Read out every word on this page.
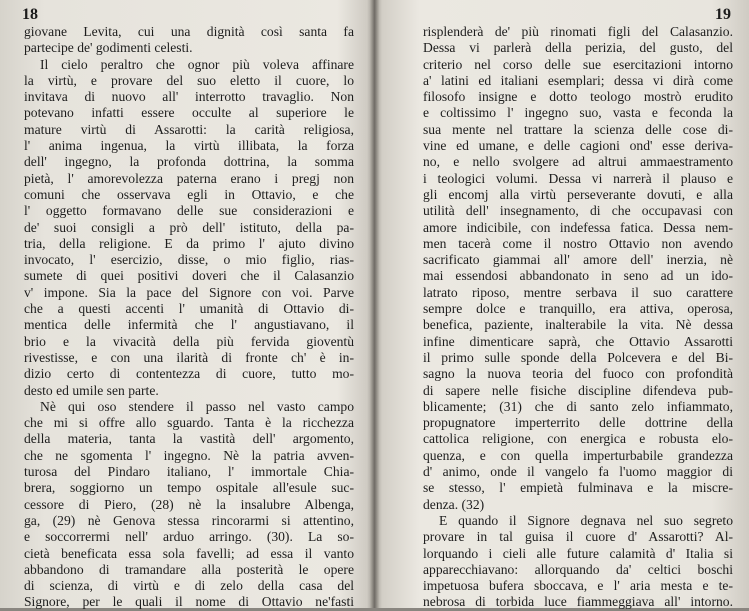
18
giovane Levita, cui una dignità così santa fa
partecipe de' godimenti celesti.
Il cielo peraltro che ognor più voleva affinare
la virtù, e provare del suo eletto il cuore, lo
invitava di nuovo all' interrotto travaglio. Non
potevano infatti essere occulte al superiore le
mature virtù di Assarotti: la carità religiosa,
l' anima ingenua, la virtù illibata, la forza
dell' ingegno, la profonda dottrina, la somma
pietà, l' amorevolezza paterna erano i pregj non
comuni che osservava egli in Ottavio, e che
l' oggetto formavano delle sue considerazioni e
de' suoi consigli a prò dell' istituto, della pa-
tria, della religione. E da primo l' ajuto divino
invocato, l' esercizio, disse, o mio figlio, rias-
sumete di quei positivi doveri che il Calasanzio
v' impone. Sia la pace del Signore con voi. Parve
che a questi accenti l' umanità di Ottavio di-
mentica delle infermità che l' angustiavano, il
brio e la vivacità della più fervida gioventù
rivestisse, e con una ilarità di fronte ch' è in-
dizio certo di contentezza di cuore, tutto mo-
desto ed umile sen parte.
Nè qui oso stendere il passo nel vasto campo
che mi si offre allo sguardo. Tanta è la ricchezza
della materia, tanta la vastità dell' argomento,
che ne sgomenta l' ingegno. Nè la patria avven-
turosa del Pindaro italiano, l' immortale Chia-
brera, soggiorno un tempo ospitale all'esule suc-
cessore di Piero, (28) nè la insalubre Albenga,
ga, (29) nè Genova stessa rincorarmi si attentino,
e soccorrermi nell' arduo arringo. (30). La so-
cietà beneficata essa sola favelli; ad essa il vanto
abbandono di tramandare alla posterità le opere
di scienza, di virtù e di zelo della casa del
Signore, per le quali il nome di Ottavio ne'fasti
19
risplenderà de' più rinomati figli del Calasanzio.
Dessa vi parlerà della perizia, del gusto, del
criterio nel corso delle sue esercitazioni intorno
a' latini ed italiani esemplari; dessa vi dirà come
filosofo insigne e dotto teologo mostrò erudito
e coltissimo l' ingegno suo, vasta e feconda la
sua mente nel trattare la scienza delle cose di-
vine ed umane, e delle cagioni ond' esse deriva-
no, e nello svolgere ad altrui ammaestramento
i teologici volumi. Dessa vi narrerà il plauso e
gli encomj alla virtù perseverante dovuti, e alla
utilità dell' insegnamento, di che occupavasi con
amore indicibile, con indefessa fatica. Dessa nem-
men tacerà come il nostro Ottavio non avendo
sacrificato giammai all' amore dell' inerzia, nè
mai essendosi abbandonato in seno ad un ido-
latrato riposo, mentre serbava il suo carattere
sempre dolce e tranquillo, era attiva, operosa,
benefica, paziente, inalterabile la vita. Nè dessa
infine dimenticare saprà, che Ottavio Assarotti
il primo sulle sponde della Polcevera e del Bi-
sagno la nuova teoria del fuoco con profondità
di sapere nelle fisiche discipline difendeva pub-
blicamente; (31) che di santo zelo infiammato,
propugnatore imperterrito delle dottrine della
cattolica religione, con energica e robusta elo-
quenza, e con quella imperturbabile grandezza
d' animo, onde il vangelo fa l'uomo maggior di
se stesso, l' empietà fulminava e la miscre-
denza. (32)
E quando il Signore degnava nel suo segreto
provare in tal guisa il cuore d' Assarotti? Al-
lorquando i cieli alle future calamità d' Italia si
apparecchiavano: allorquando da' celtici boschi
impetuosa bufera sboccava, e l' aria mesta e te-
nebrosa di torbida luce fiammeggiava all' intorno.
